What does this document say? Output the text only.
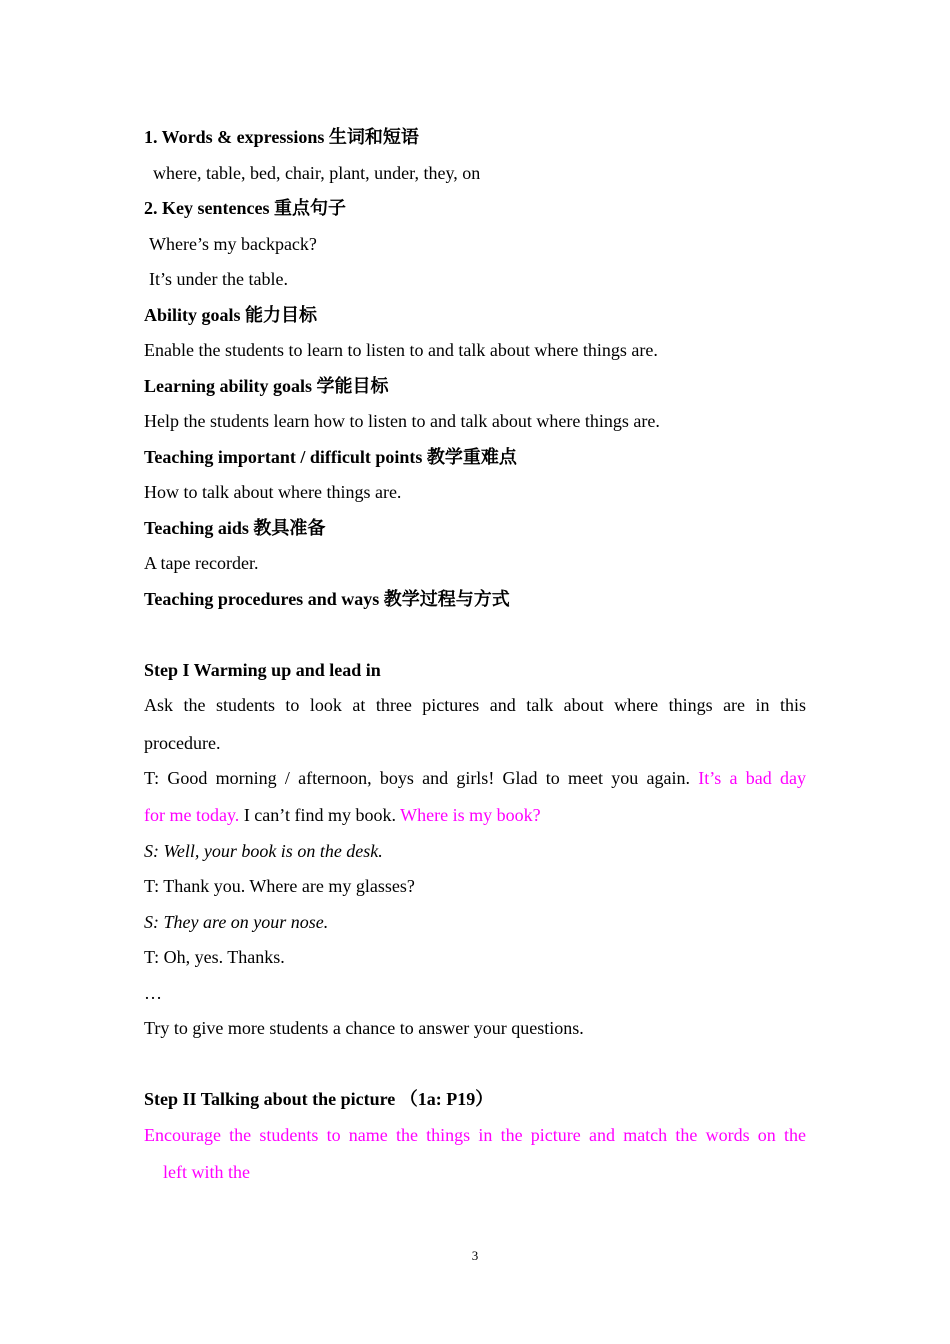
1. Words & expressions 生词和短语
where, table, bed, chair, plant, under, they, on
2. Key sentences 重点句子
Where’s my backpack?
It’s under the table.
Ability goals 能力目标
Enable the students to learn to listen to and talk about where things are.
Learning ability goals 学能目标
Help the students learn how to listen to and talk about where things are.
Teaching important / difficult points 教学重难点
How to talk about where things are.
Teaching aids 教具准备
A tape recorder.
Teaching procedures and ways 教学过程与方式
Step I Warming up and lead in
Ask the students to look at three pictures and talk about where things are in this
procedure.
T: Good morning / afternoon, boys and girls! Glad to meet you again. It’s a bad day
for me today. I can’t find my book. Where is my book?
S: Well, your book is on the desk.
T: Thank you. Where are my glasses?
S: They are on your nose.
T: Oh, yes. Thanks.
…
Try to give more students a chance to answer your questions.
Step II Talking about the picture （1a: P19）
Encourage the students to name the things in the picture and match the words on the
left with the
3
